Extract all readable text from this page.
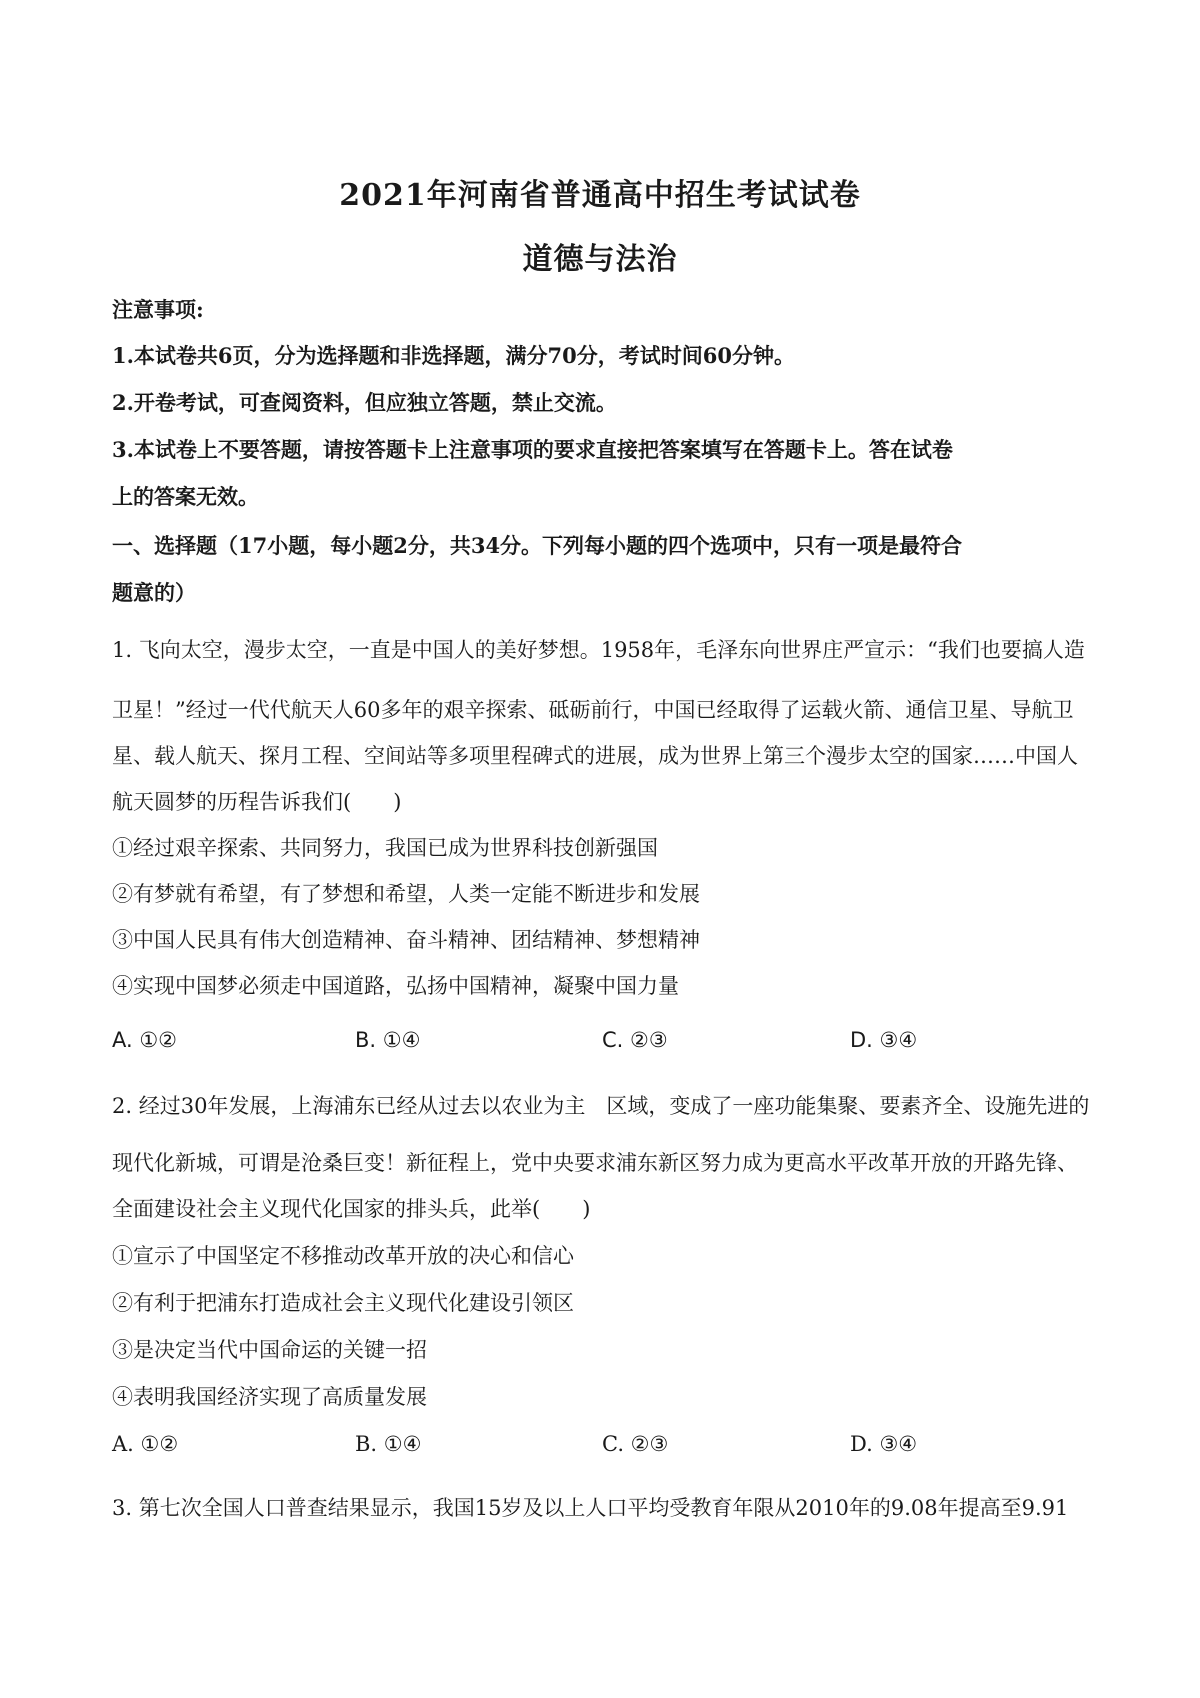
2021年河南省普通高中招生考试试卷
道德与法治
注意事项:
1.本试卷共6页，分为选择题和非选择题，满分70分，考试时间60分钟。
2.开卷考试，可查阅资料，但应独立答题，禁止交流。
3.本试卷上不要答题，请按答题卡上注意事项的要求直接把答案填写在答题卡上。答在试卷
上的答案无效。
一、选择题（17小题，每小题2分，共34分。下列每小题的四个选项中，只有一项是最符合
题意的）
1. 飞向太空，漫步太空，一直是中国人的美好梦想。1958年，毛泽东向世界庄严宣示：“我们也要搞人造
卫星！”经过一代代航天人60多年的艰辛探索、砥砺前行，中国已经取得了运载火箭、通信卫星、导航卫
星、载人航天、探月工程、空间站等多项里程碑式的进展，成为世界上第三个漫步太空的国家……中国人
航天圆梦的历程告诉我们(　　)
①经过艰辛探索、共同努力，我国已成为世界科技创新强国
②有梦就有希望，有了梦想和希望，人类一定能不断进步和发展
③中国人民具有伟大创造精神、奋斗精神、团结精神、梦想精神
④实现中国梦必须走中国道路，弘扬中国精神，凝聚中国力量
A. ①②	B. ①④	C. ②③	D. ③④
2. 经过30年发展，上海浦东已经从过去以农业为主　区域，变成了一座功能集聚、要素齐全、设施先进的
现代化新城，可谓是沧桑巨变！新征程上，党中央要求浦东新区努力成为更高水平改革开放的开路先锋、
全面建设社会主义现代化国家的排头兵，此举(　　)
①宣示了中国坚定不移推动改革开放的决心和信心
②有利于把浦东打造成社会主义现代化建设引领区
③是决定当代中国命运的关键一招
④表明我国经济实现了高质量发展
A. ①②	B. ①④	C. ②③	D. ③④
3. 第七次全国人口普查结果显示，我国15岁及以上人口平均受教育年限从2010年的9.08年提高至9.91
